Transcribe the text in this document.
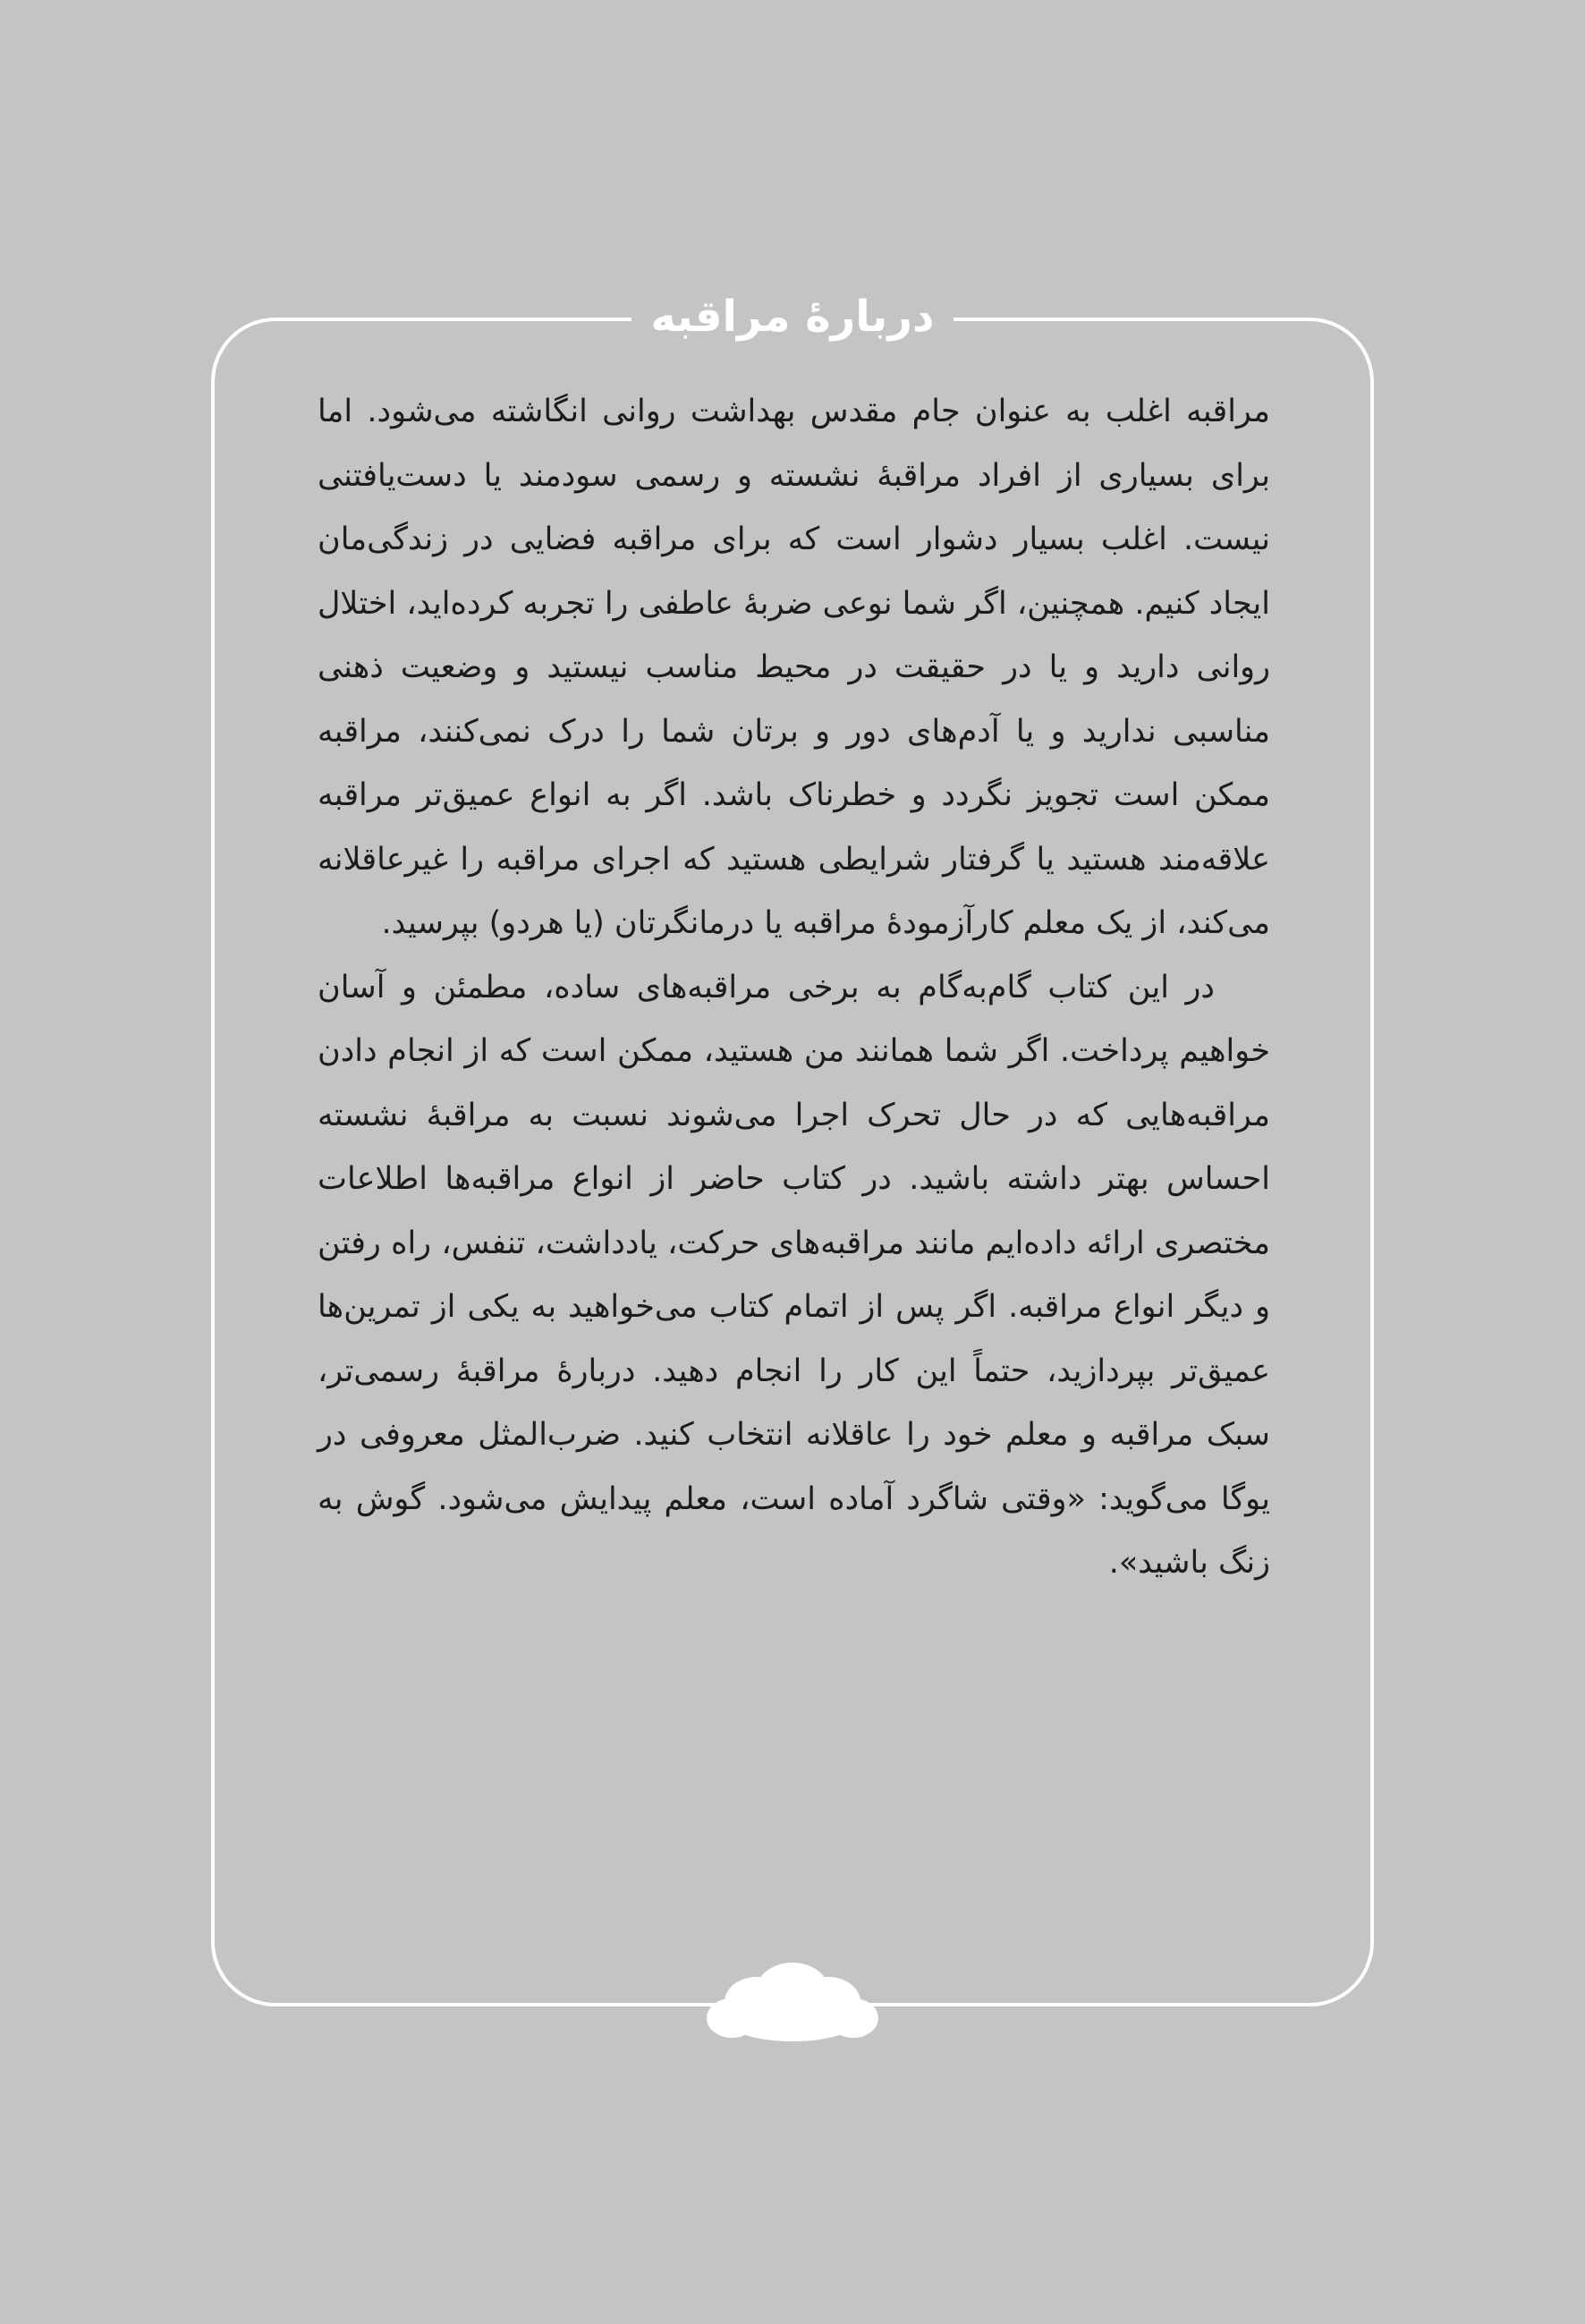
دربارهٔ مراقبه

مراقبه اغلب به عنوان جام مقدس بهداشت روانی انگاشته می‌شود. اما برای بسیاری از افراد مراقبهٔ نشسته و رسمی سودمند یا دست‌یافتنی نیست. اغلب بسیار دشوار است که برای مراقبه فضایی در زندگی‌مان ایجاد کنیم. همچنین، اگر شما نوعی ضربهٔ عاطفی را تجربه کرده‌اید، اختلال روانی دارید و یا در حقیقت در محیط مناسب نیستید و وضعیت ذهنی مناسبی ندارید و یا آدم‌های دور و برتان شما را درک نمی‌کنند، مراقبه ممکن است تجویز نگردد و خطرناک باشد. اگر به انواع عمیق‌تر مراقبه علاقه‌مند هستید یا گرفتار شرایطی هستید که اجرای مراقبه را غیرعاقلانه می‌کند، از یک معلم کارآزمودهٔ مراقبه یا درمانگرتان (یا هردو) بپرسید.

در این کتاب گام‌به‌گام به برخی مراقبه‌های ساده، مطمئن و آسان خواهیم پرداخت. اگر شما همانند من هستید، ممکن است که از انجام دادن مراقبه‌هایی که در حال تحرک اجرا می‌شوند نسبت به مراقبهٔ نشسته احساس بهتر داشته باشید. در کتاب حاضر از انواع مراقبه‌ها اطلاعات مختصری ارائه داده‌ایم مانند مراقبه‌های حرکت، یادداشت، تنفس، راه رفتن و دیگر انواع مراقبه. اگر پس از اتمام کتاب می‌خواهید به یکی از تمرین‌ها عمیق‌تر بپردازید، حتماً این کار را انجام دهید. دربارهٔ مراقبهٔ رسمی‌تر، سبک مراقبه و معلم خود را عاقلانه انتخاب کنید. ضرب‌المثل معروفی در یوگا می‌گوید: «وقتی شاگرد آماده است، معلم پیدایش می‌شود. گوش به زنگ باشید».
